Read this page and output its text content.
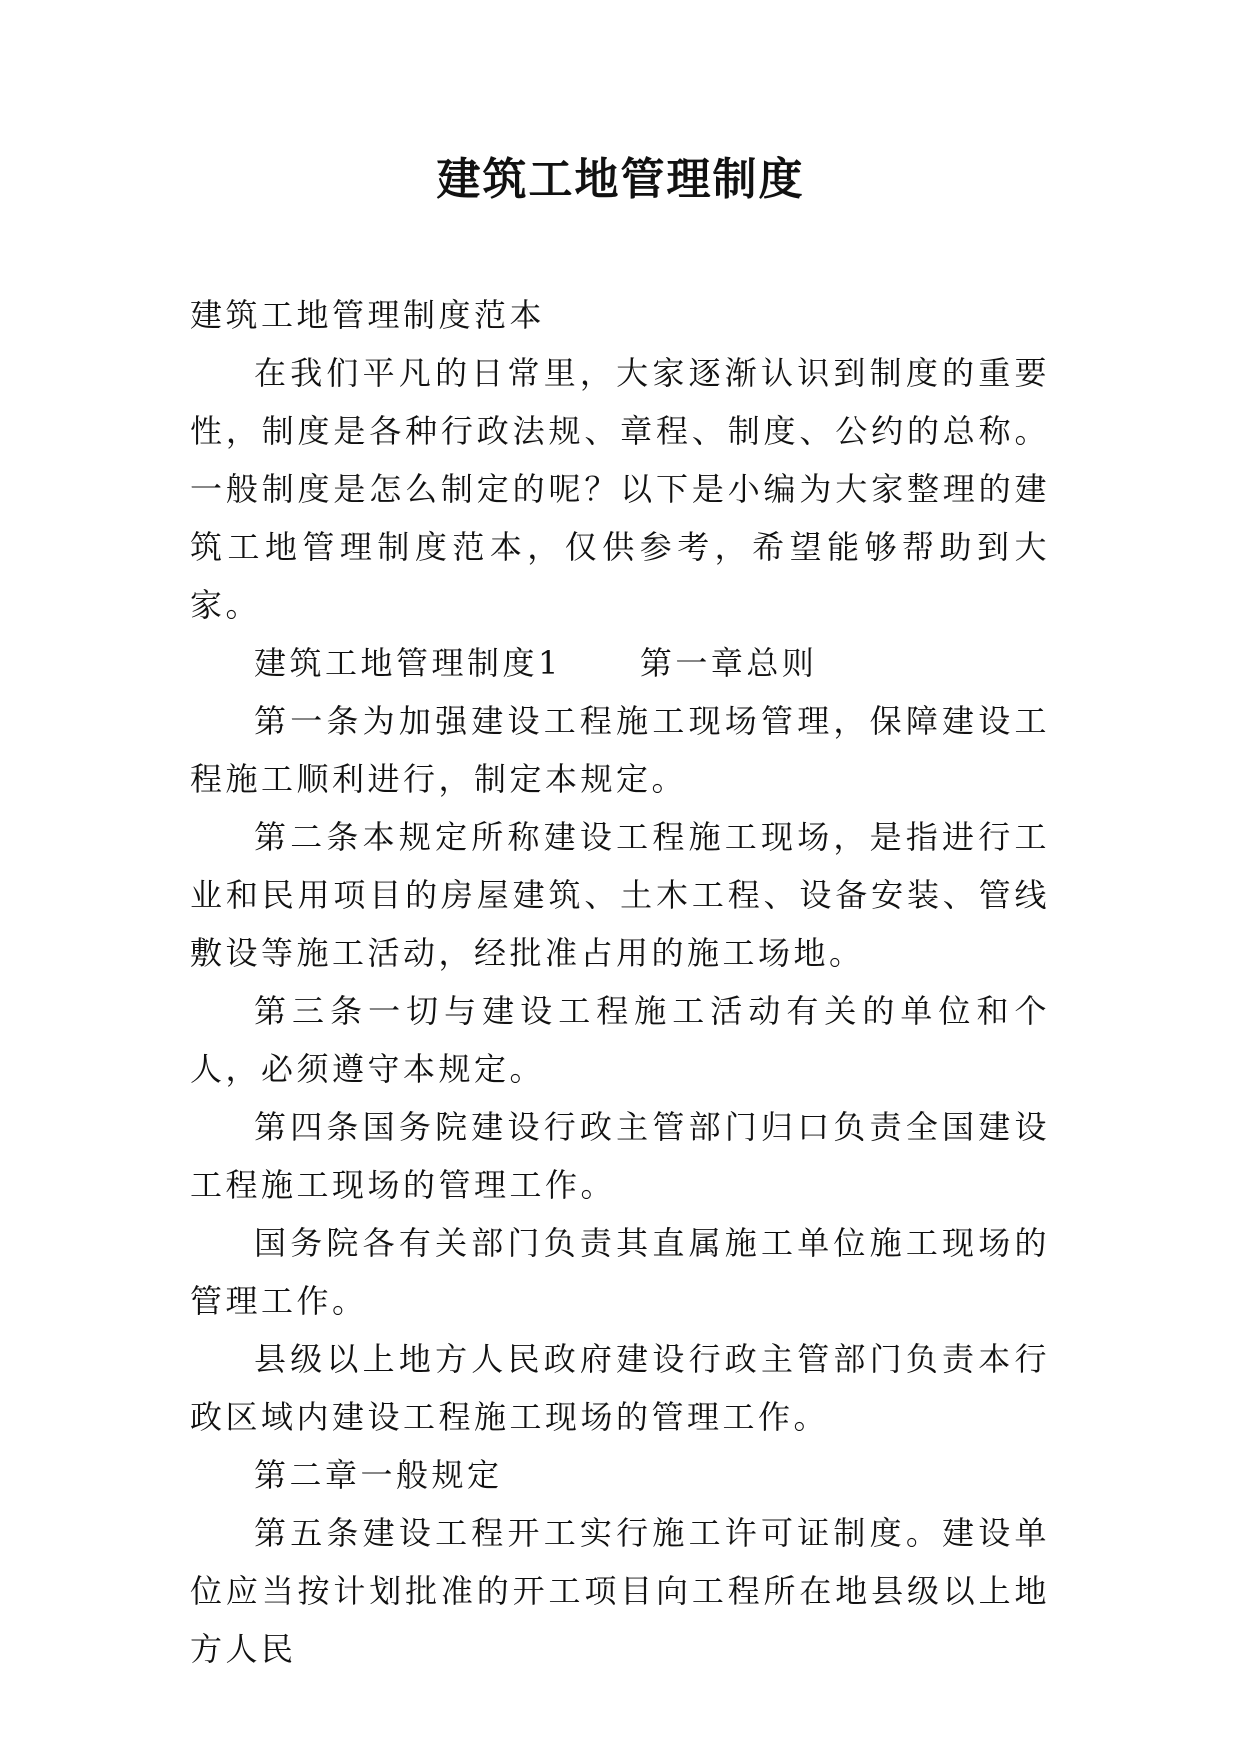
建筑工地管理制度

建筑工地管理制度范本

在我们平凡的日常里，大家逐渐认识到制度的重要性，制度是各种行政法规、章程、制度、公约的总称。一般制度是怎么制定的呢？以下是小编为大家整理的建筑工地管理制度范本，仅供参考，希望能够帮助到大家。

建筑工地管理制度1 第一章总则

第一条为加强建设工程施工现场管理，保障建设工程施工顺利进行，制定本规定。

第二条本规定所称建设工程施工现场，是指进行工业和民用项目的房屋建筑、土木工程、设备安装、管线敷设等施工活动，经批准占用的施工场地。

第三条一切与建设工程施工活动有关的单位和个人，必须遵守本规定。

第四条国务院建设行政主管部门归口负责全国建设工程施工现场的管理工作。

国务院各有关部门负责其直属施工单位施工现场的管理工作。

县级以上地方人民政府建设行政主管部门负责本行政区域内建设工程施工现场的管理工作。

第二章一般规定

第五条建设工程开工实行施工许可证制度。建设单位应当按计划批准的开工项目向工程所在地县级以上地方人民
